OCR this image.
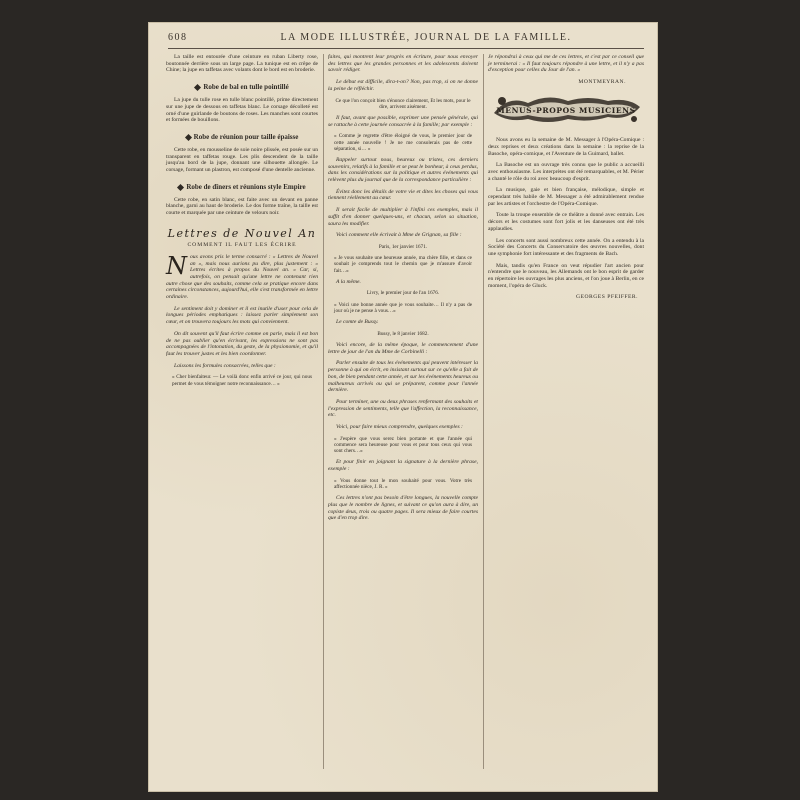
608	LA MODE ILLUSTRÉE, JOURNAL DE LA FAMILLE.

La taille est entourée d'une ceinture en ruban Liberty rose, boutonnée derrière sous un large page. La tunique est en crêpe de Chine; la jupe en taffetas avec volants dont le bord est en broderie.

Robe de bal en tulle pointillé

La jupe du tulle rose en tulle blanc pointillé, prime directement sur une jupe de dessous en taffetas blanc. Le corsage décolleté est orné d'une guirlande de boutons de roses. Les manches sont courtes et formées de bouillons.

Robe de réunion pour taille épaisse

Cette robe, en mousseline de soie noire plissée, est posée sur un transparent en taffetas rouge. Les plis descendent de la taille jusqu'au bord de la jupe, donnant une silhouette allongée. Le corsage, formant un plastron, est composé d'une dentelle ancienne.

Robe de dîners et réunions style Empire

Cette robe, en satin blanc, est faite avec un devant en panne blanche, garni au haut de broderie. Le dos forme traîne, la taille est courte et marquée par une ceinture de velours noir.

Lettres de Nouvel An
COMMENT IL FAUT LES ÉCRIRE

Nous avons pris le terme consacré : « Lettres de Nouvel an », mais nous aurions pu dire, plus justement : « Lettres écrites à propos du Nouvel an. » Car, si, autrefois, on pensait qu'une lettre ne contenant rien autre chose que des souhaits, comme cela se pratique encore dans certaines circonstances, aujourd'hui, elle s'est transformée en lettre ordinaire.

Le sentiment doit y dominer et il est inutile d'user pour cela de longues périodes emphatiques : laissez parler simplement son cœur, et on trouvera toujours les mots qui conviennent.

On dit souvent qu'il faut écrire comme on parle, mais il est bon de ne pas oublier qu'en écrivant, les expressions ne sont pas accompagnées de l'intonation, du geste, de la physionomie, et qu'il faut les trouver justes et les bien coordonner.

Laissons les formules consacrées, telles que :

« Cher bienfaiteur. — Le voilà donc enfin arrivé ce jour, qui nous permet de vous témoigner notre reconnaissance… »

faites, qui montrent leur progrès en écriture, pour nous envoyer des lettres que les grandes personnes et les adolescents doivent savoir rédiger.

Le début est difficile, dira-t-on? Non, pas trop, si on ne donne la peine de réfléchir.

Ce que l'on conçoit bien s'énonce clairement, Et les mots, pour le dire, arrivent aisément.

Il faut, avant que possible, exprimer une pensée générale, qui se rattache à cette journée consacrée à la famille; par exemple :

« Comme je regrette d'être éloigné de vous, le premier jour de cette année nouvelle ! Je ne me consolerais pas de cette séparation, si… »

Rappeler surtout nous, heureux ou tristes, ces derniers souvenirs, relatifs à la famille et se peut le bonheur, à ceux perdus, dans les considérations sur la politique et autres événements qui relèvent plus du journal que de la correspondance particulière :

Évitez donc les détails de votre vie et dites les choses qui vous tiennent réellement au cœur.

Il serait facile de multiplier à l'infini ces exemples, mais il suffit d'en donner quelques-uns, et chacun, selon sa situation, saura les modifier.

Voici comment elle écrivait à Mme de Grignan, sa fille :

Paris, 1er janvier 1671.

« Je vous souhaite une heureuse année, ma chère fille, et dans ce souhait je comprends tout le chemin que je m'assure d'avoir fait…»

A la même.

Livry, le premier jour de l'an 1676.

« Voici une bonne année que je vous souhaite… Il n'y a pas de jour où je ne pense à vous…»

Le comte de Bussy.

Bussy, le 8 janvier 1682.

Voici encore, de la même époque, le commencement d'une lettre de jour de l'an du Mme de Corbinelli :

Parler ensuite de tous les événements qui peuvent intéresser la personne à qui on écrit, en insistant surtout sur ce qu'elle a fait de bon, de bien pendant cette année, et sur les événements heureux ou malheureux arrivés ou qui se préparent, comme pour l'année dernière.

Pour terminer, une ou deux phrases renfermant des souhaits et l'expression de sentiments, telle que l'affection, la reconnaissance, etc.

Voici, pour faire mieux comprendre, quelques exemples :

« J'espère que vous serez bien portante et que l'année qui commence sera heureuse pour vous et pour tous ceux qui vous sont chers…»

Et pour finir en joignant la signature à la dernière phrase, exemple :

« Vous donne tout le mon souhaité pour vous. Votre très affectionnée nièce, J. R. »

Ces lettres n'ont pas besoin d'être longues, la nouvelle compte plus que le nombre de lignes, et suivant ce qu'on aura à dire, un copiste deux, trois ou quatre pages. Il sera mieux de faire courtes que d'en trop dire.

Je répondrai à ceux qui me de ces lettres, et c'est par ce conseil que je terminerai : « Il faut toujours répondre à une lettre, et il n'y a pas d'exception pour celles du Jour de l'an. »

MONTMEYRAN.
MENUS-PROPOS MUSICIENS

Nous avons eu la semaine de M. Messager à l'Opéra-Comique : deux reprises et deux créations dans la semaine : la reprise de la Basoche, opéra-comique, et l'Aventure de la Guimard, ballet.

La Basoche est un ouvrage très connu que le public a accueilli avec enthousiasme. Les interprètes ont été remarquables, et M. Périer a chanté le rôle du roi avec beaucoup d'esprit.

La musique, gaie et bien française, mélodique, simple et cependant très habile de M. Messager a été admirablement rendue par les artistes et l'orchestre de l'Opéra-Comique.

Toute la troupe ensemble de ce théâtre a donné avec entrain. Les décors et les costumes sont fort jolis et les danseuses ont été très applaudies.

Les concerts sont aussi nombreux cette année. On a entendu à la Société des Concerts du Conservatoire des œuvres nouvelles, dont une symphonie fort intéressante et des fragments de Bach.

Mais, tandis qu'en France on veut répudier l'art ancien pour n'entendre que le nouveau, les Allemands ont le bon esprit de garder en répertoire les ouvrages les plus anciens, et l'on joue à Berlin, en ce moment, l'opéra de Gluck.

GEORGES PFEIFFER.
